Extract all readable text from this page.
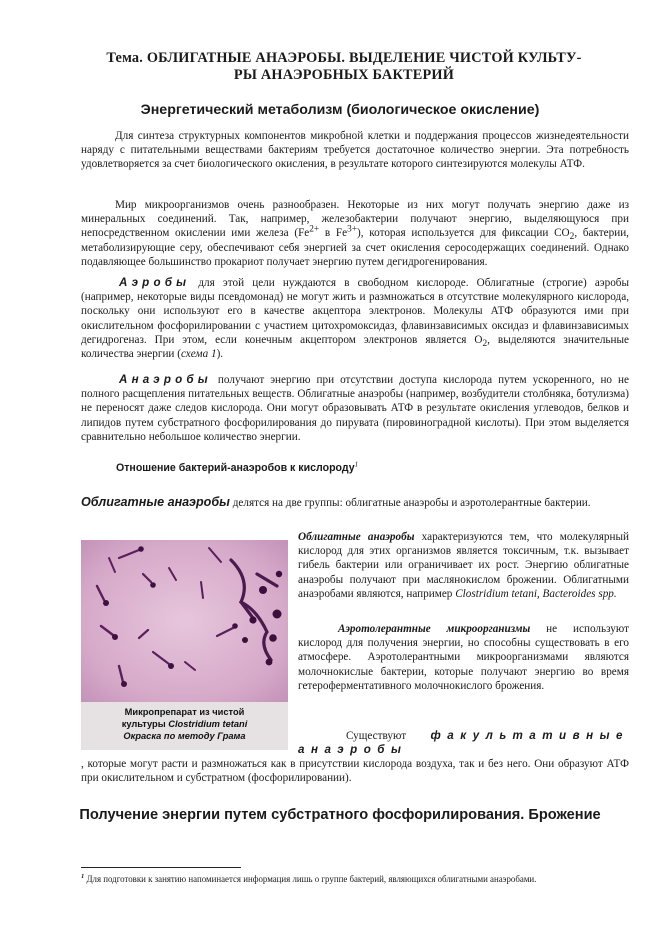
Тема. ОБЛИГАТНЫЕ АНАЭРОБЫ. ВЫДЕЛЕНИЕ ЧИСТОЙ КУЛЬТУ-
РЫ АНАЭРОБНЫХ БАКТЕРИЙ
Энергетический метаболизм (биологическое окисление)
Для синтеза структурных компонентов микробной клетки и поддержания процессов жизнедеятельности наряду с питательными веществами бактериям требуется достаточное количество энергии. Эта потребность удовлетворяется за счет биологического окисления, в результате которого синтезируются молекулы АТФ.
Мир микроорганизмов очень разнообразен. Некоторые из них могут получать энергию даже из минеральных соединений. Так, например, железобактерии получают энергию, выделяющуюся при непосредственном окислении ими железа ($Fe^{2+}$ в $Fe^{3+}$), которая используется для фиксации $CO_2$, бактерии, метаболизирующие серу, обеспечивают себя энергией за счет окисления серосодержащих соединений. Однако подавляющее большинство прокариот получает энергию путем дегидрогенирования.
Аэробы для этой цели нуждаются в свободном кислороде. Облигатные (строгие) аэробы (например, некоторые виды псевдомонад) не могут жить и размножаться в отсутствие молекулярного кислорода, поскольку они используют его в качестве акцептора электронов. Молекулы АТФ образуются ими при окислительном фосфорилировании с участием цитохромоксидаз, флавинзависимых оксидаз и флавинзависимых дегидрогеназ. При этом, если конечным акцептором электронов является $O_2$, выделяются значительные количества энергии (схема 1).
Анаэробы получают энергию при отсутствии доступа кислорода путем ускоренного, но не полного расщепления питательных веществ. Облигатные анаэробы (например, возбудители столбняка, ботулизма) не переносят даже следов кислорода. Они могут образовывать АТФ в результате окисления углеводов, белков и липидов путем субстратного фосфорилирования до пирувата (пировиноградной кислоты). При этом выделяется сравнительно небольшое количество энергии.
Отношение бактерий-анаэробов к кислороду$^1$
Облигатные анаэробы делятся на две группы: облигатные анаэробы и аэротолерантные бактерии.
Микропрепарат из чистой
культуры Clostridium tetani
Окраска по методу Грама
Облигатные анаэробы характеризуются тем, что молекулярный кислород для этих организмов является токсичным, т.к. вызывает гибель бактерии или ограничивает их рост. Энергию облигатные анаэробы получают при маслянокислом брожении. Облигатными анаэробами являются, например Clostridium tetani, Bacteroides spp.
Аэротолерантные микроорганизмы не используют кислород для получения энергии, но способны существовать в его атмосфере. Аэротолерантными микроорганизмами являются молочнокислые бактерии, которые получают энергию во время гетероферментативного молочнокислого брожения.
Существуют факультативные анаэробы
, которые могут расти и размножаться как в присутствии кислорода воздуха, так и без него. Они образуют АТФ при окислительном и субстратном (фосфорилировании).
Получение энергии путем субстратного фосфорилирования. Брожение
$^1$ Для подготовки к занятию напоминается информация лишь о группе бактерий, являющихся облигатными анаэробами.
